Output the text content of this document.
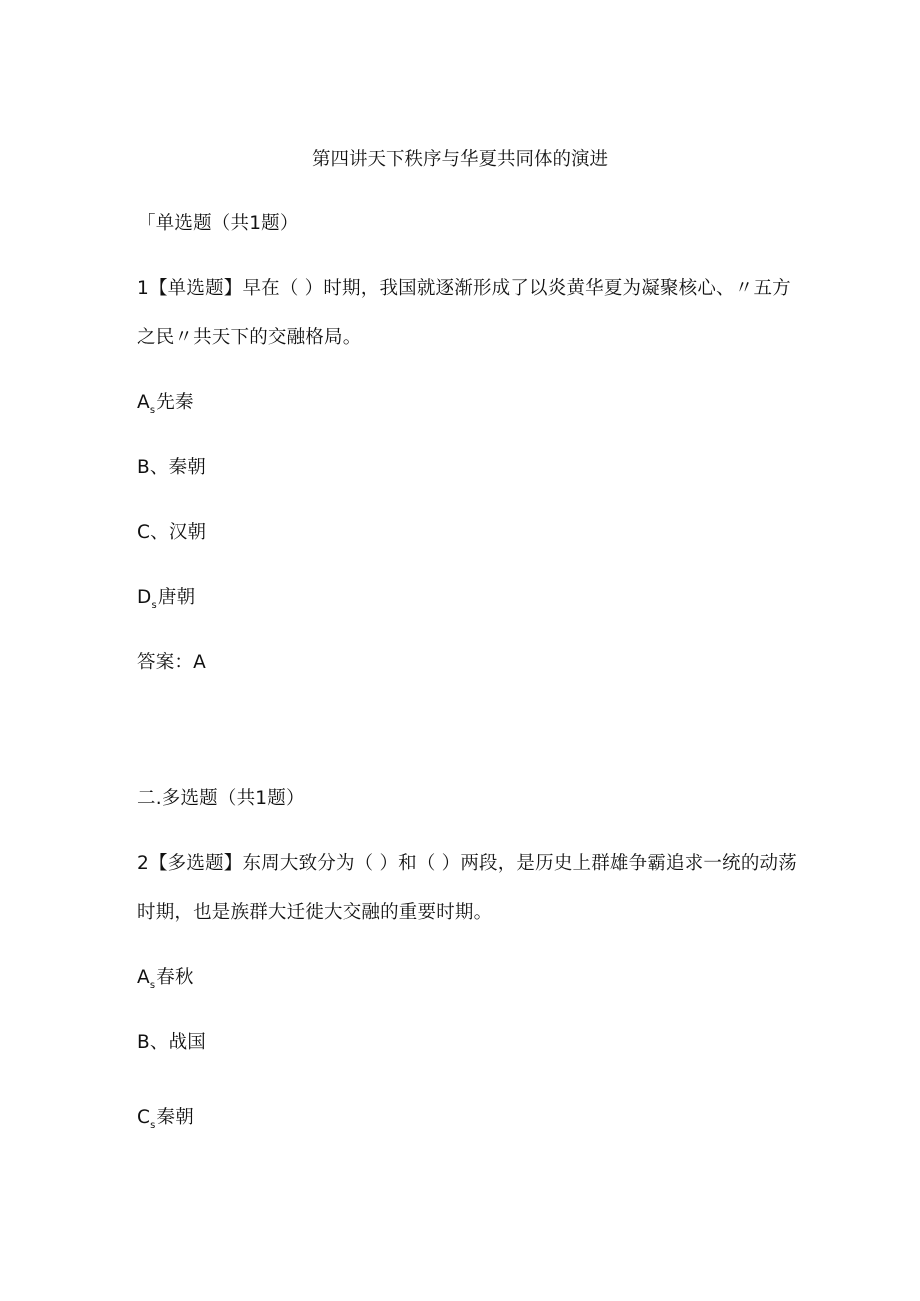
第四讲天下秩序与华夏共同体的演进
「单选题（共1题）
1【单选题】早在（ ）时期，我国就逐渐形成了以炎黄华夏为凝聚核心、〃五方
之民〃共天下的交融格局。
$A_s$先秦
B、秦朝
C、汉朝
$D_s$唐朝
答案：A
二.多选题（共1题）
2【多选题】东周大致分为（ ）和（ ）两段，是历史上群雄争霸追求一统的动荡
时期，也是族群大迁徙大交融的重要时期。
$A_s$春秋
B、战国
$C_s$秦朝
